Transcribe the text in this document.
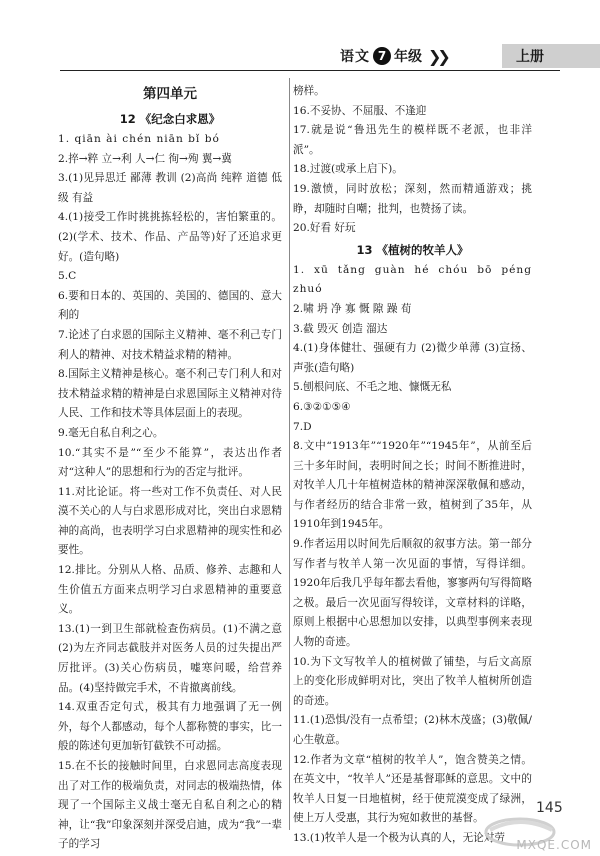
语文 7 年级 ❯❯	上册
第四单元
12 《纪念白求恩》
1. qiān ài chén niān bǐ bó
2.捽→粹 立→利 人→仁 徇→殉 翼→冀
3.(1)见异思迁 鄙薄 教训 (2)高尚 纯粹 道德 低级 有益
4.(1)接受工作时挑挑拣轻松的，害怕繁重的。(2)(学术、技术、作品、产品等)好了还追求更好。(造句略)
5.C
6.要和日本的、英国的、美国的、德国的、意大利的
7.论述了白求恩的国际主义精神、毫不利己专门利人的精神、对技术精益求精的精神。
8.国际主义精神是核心。毫不利己专门利人和对技术精益求精的精神是白求恩国际主义精神对待人民、工作和技术等具体层面上的表现。
9.毫无自私自利之心。
10.“其实不是”“至少不能算”，表达出作者对“这种人”的思想和行为的否定与批评。
11.对比论证。将一些对工作不负责任、对人民漠不关心的人与白求恩形成对比，突出白求恩精神的高尚，也表明学习白求恩精神的现实性和必要性。
12.排比。分别从人格、品质、修养、志趣和人生价值五方面来点明学习白求恩精神的重要意义。
13.(1)一到卫生部就检查伤病员。(1)不满之意 (2)为左齐同志截肢并对医务人员的过失提出严厉批评。(3)关心伤病员，嘘寒问暖，给营养品。(4)坚持做完手术，不肯撤离前线。
14.双重否定句式，极其有力地强调了无一例外，每个人都感动，每个人都称赞的事实，比一般的陈述句更加斩钉截铁不可动摇。
15.在不长的接触时间里，白求恩同志高度表现出了对工作的极端负责，对同志的极端热情，体现了一个国际主义战士毫无自私自利之心的精神，让“我”印象深刻并深受启迪，成为“我”一辈子的学习
榜样。
16.不妥协、不屈服、不逢迎
17.就是说“鲁迅先生的模样既不老派，也非洋派”。
18.过渡(或承上启下)。
19.激愤，同时放松；深刻，然而精通游戏；挑睁，却随时自嘲；批判，也赞扬了读。
20.好看 好玩
13 《植树的牧羊人》
1. xū tǎng guàn hé chóu bō péng zhuó
2.啸 坍 净 寡 慨 隙 躁 荀
3.截 毁灭 创造 溜达
4.(1)身体健壮、强硬有力 (2)微少单薄 (3)宣扬、声张(造句略)
5.刨根问底、不毛之地、慷慨无私
6.③②①⑤④
7.D
8.文中“1913年”“1920年”“1945年”，从前至后三十多年时间，表明时间之长；时间不断推进时，对牧羊人几十年植树造林的精神深深敬佩和感动，与作者经历的结合非常一致，植树到了35年，从1910年到1945年。
9.作者运用以时间先后顺叙的叙事方法。第一部分写作者与牧羊人第一次见面的事情，写得详细。1920年后我几乎每年都去看他，寥寥两句写得简略之极。最后一次见面写得较详，文章材料的详略，原则上根据中心思想加以安排，以典型事例来表现人物的奇迹。
10.为下文写牧羊人的植树做了铺垫，与后文高原上的变化形成鲜明对比，突出了牧羊人植树所创造的奇迹。
11.(1)恐惧/没有一点希望；(2)林木茂盛；(3)敬佩/心生敬意。
12.作者为文章“植树的牧羊人”，饱含赞美之情。在英文中，“牧羊人”还是基督耶稣的意思。文中的牧羊人日复一日地植树，经于使荒漠变成了绿洲，使上万人受惠，其行为宛如救世的基督。
13.(1)牧羊人是一个极为认真的人，无论对劳
145
MXQE.COM
